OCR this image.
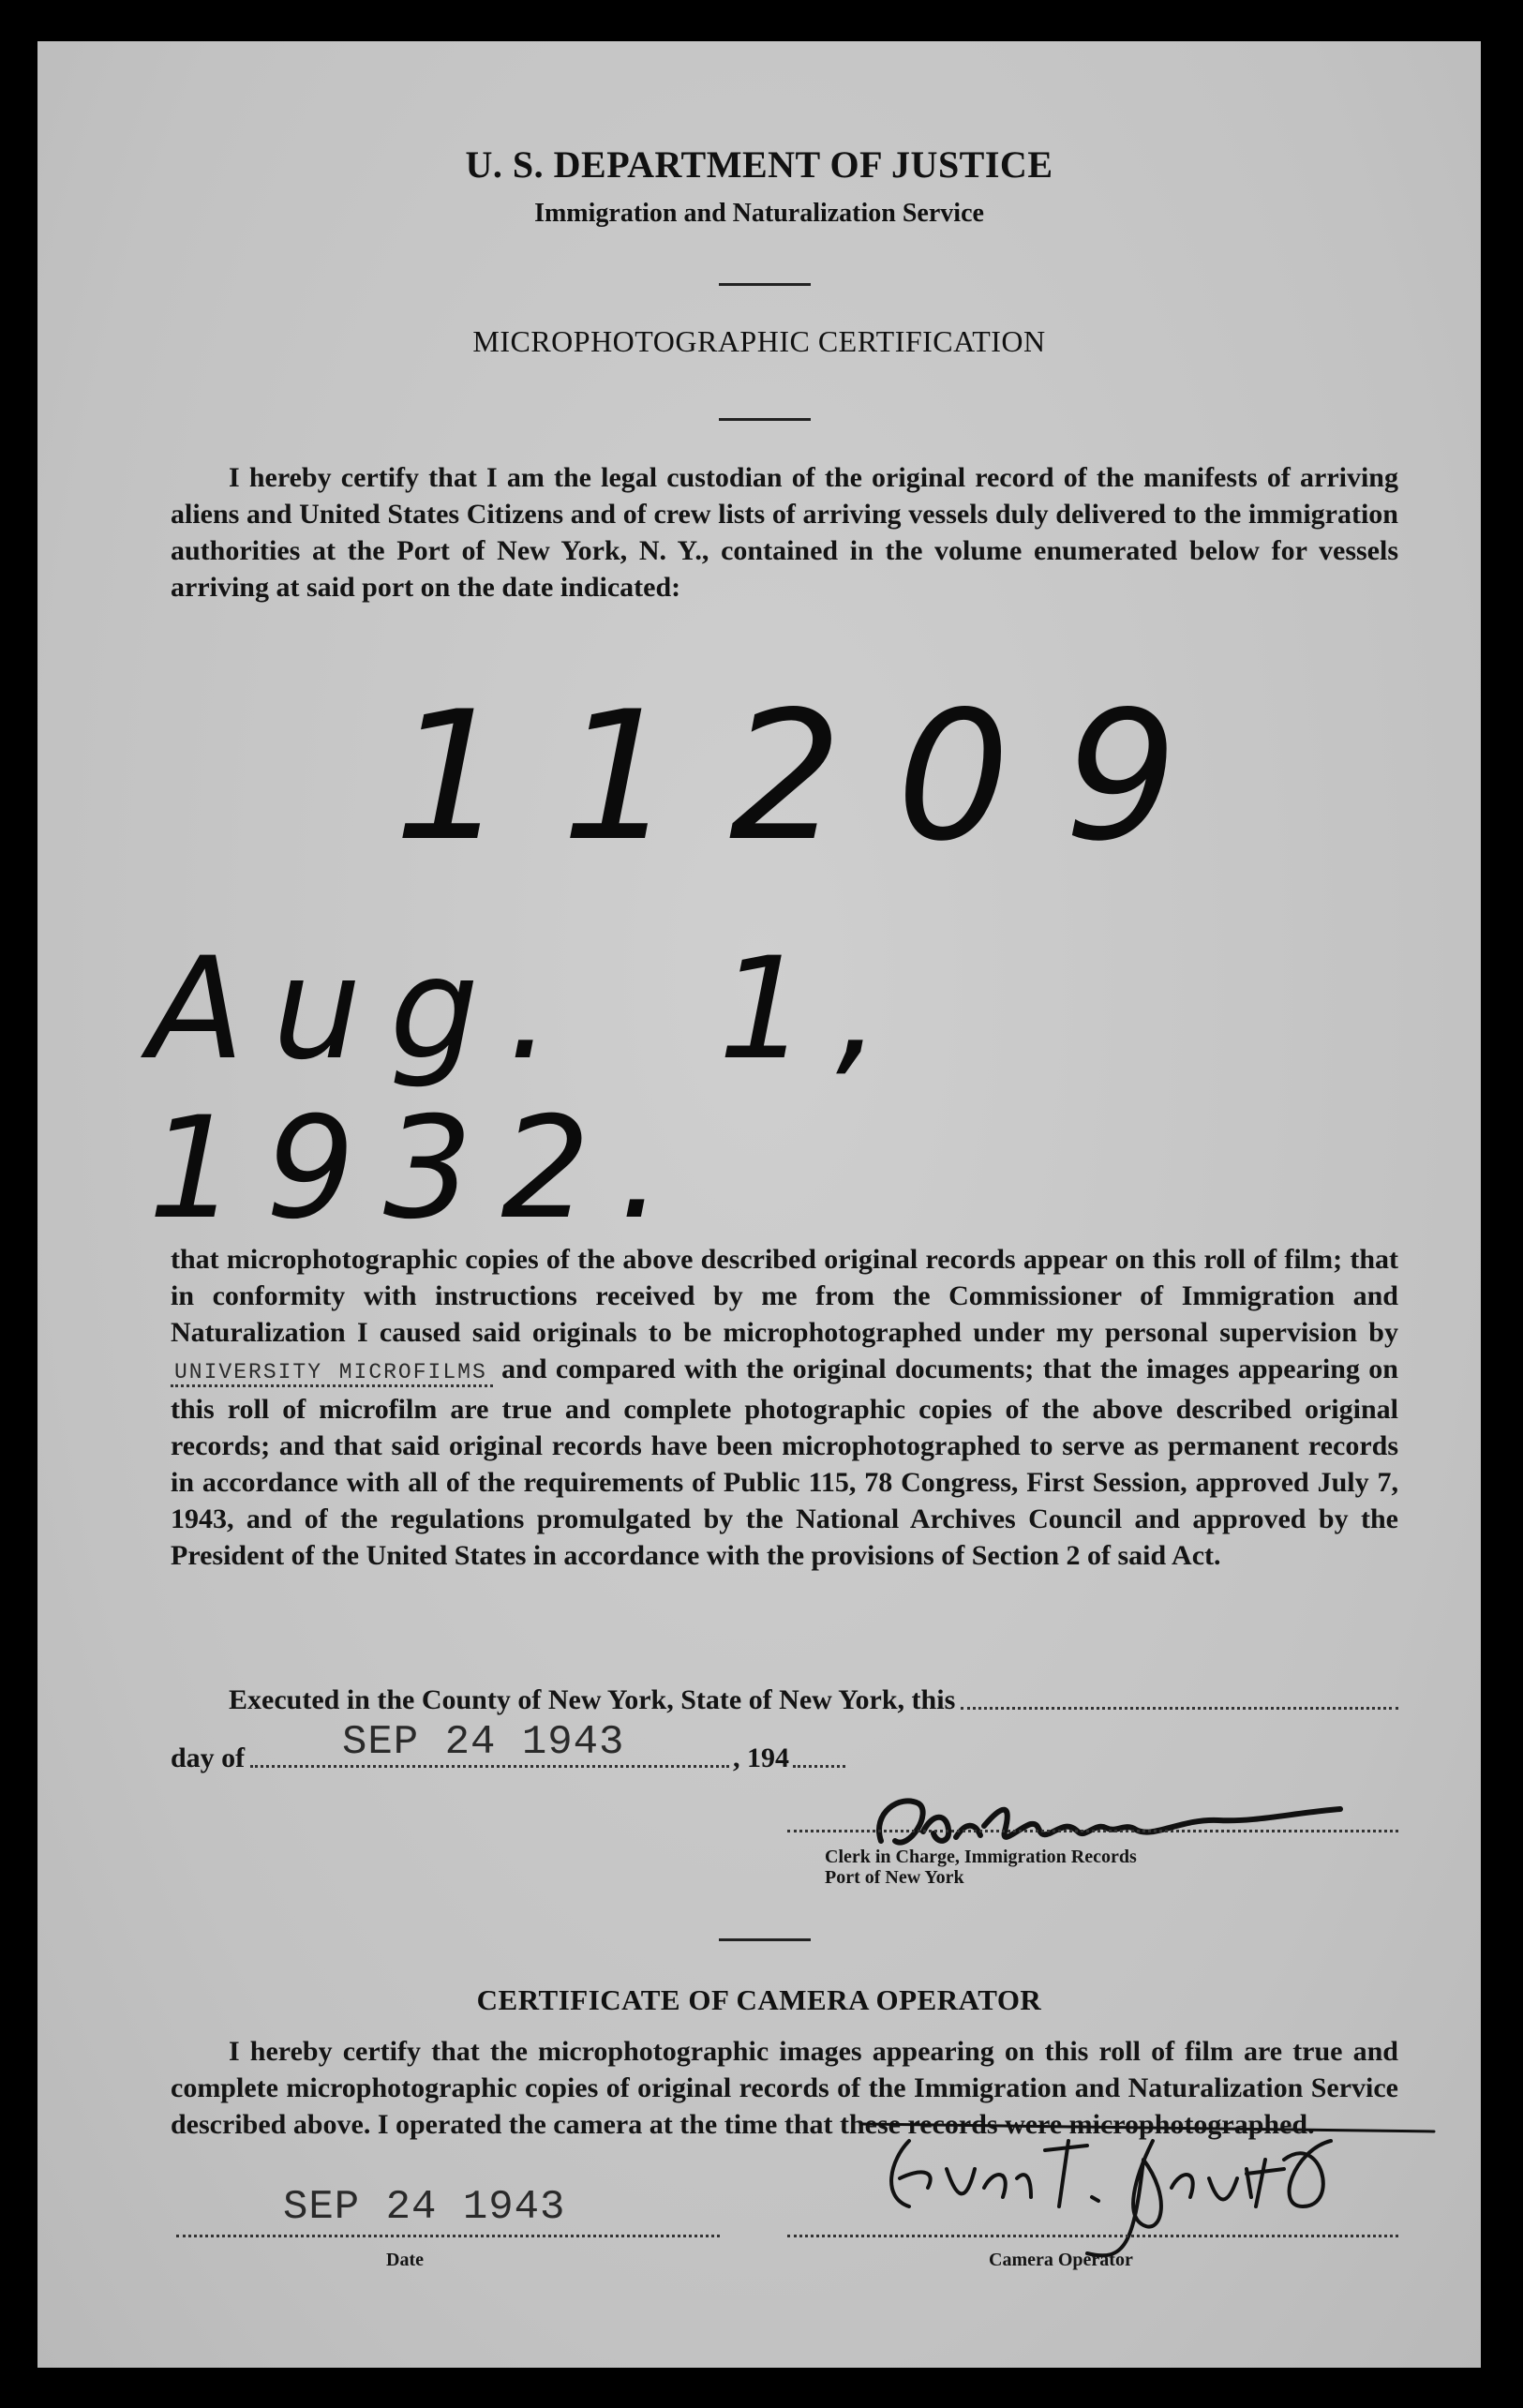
U. S. DEPARTMENT OF JUSTICE
Immigration and Naturalization Service
MICROPHOTOGRAPHIC CERTIFICATION
I hereby certify that I am the legal custodian of the original record of the manifests of arriving aliens and United States Citizens and of crew lists of arriving vessels duly delivered to the immigration authorities at the Port of New York, N. Y., contained in the volume enumerated below for vessels arriving at said port on the date indicated:
11209
Aug. 1, 1932.
that microphotographic copies of the above described original records appear on this roll of film; that in conformity with instructions received by me from the Commissioner of Immigration and Naturalization I caused said originals to be microphotographed under my personal supervision by UNIVERSITY MICROFILMS and compared with the original documents; that the images appearing on this roll of microfilm are true and complete photographic copies of the above described original records; and that said original records have been microphotographed to serve as permanent records in accordance with all of the requirements of Public 115, 78 Congress, First Session, approved July 7, 1943, and of the regulations promulgated by the National Archives Council and approved by the President of the United States in accordance with the provisions of Section 2 of said Act.
Executed in the County of New York, State of New York, this
day of	, 194
SEP 24 1943
Clerk in Charge, Immigration Records
Port of New York
CERTIFICATE OF CAMERA OPERATOR
I hereby certify that the microphotographic images appearing on this roll of film are true and complete microphotographic copies of original records of the Immigration and Naturalization Service described above. I operated the camera at the time that these records were microphotographed.
SEP 24 1943
Date	Camera Operator
